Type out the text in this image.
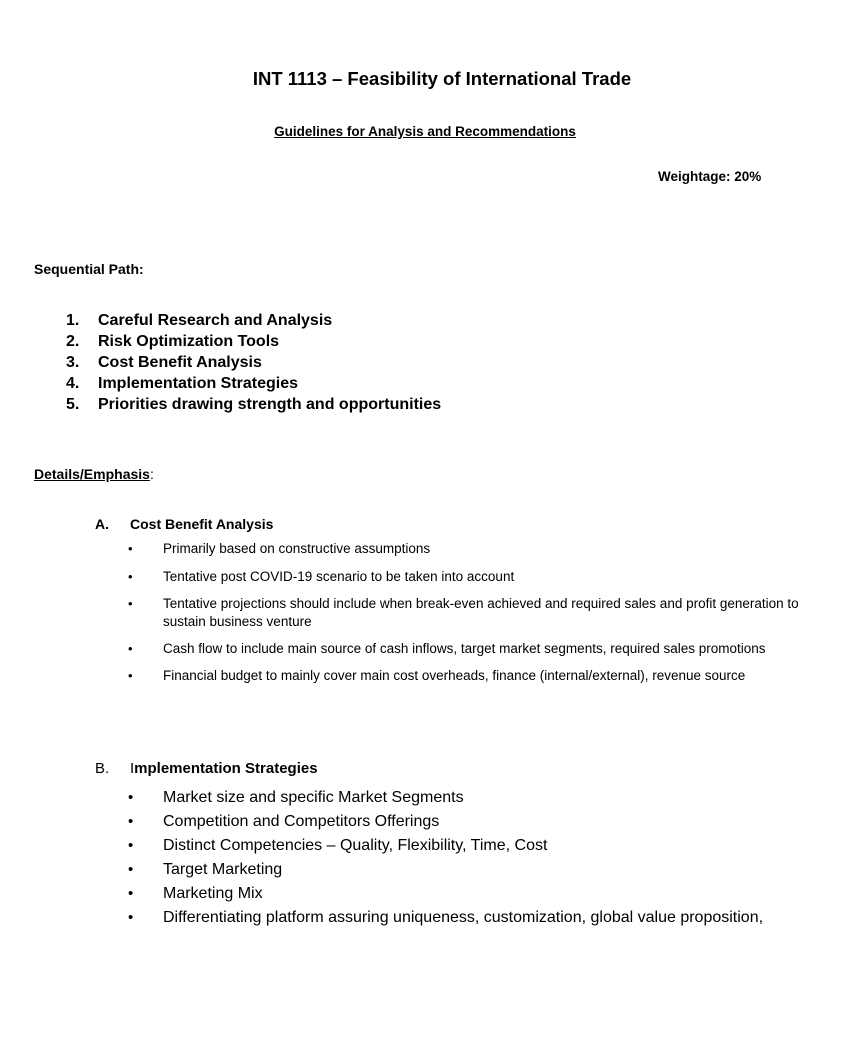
INT 1113 – Feasibility of International Trade
Guidelines for Analysis and Recommendations
Weightage: 20%
Sequential Path:
1. Careful Research and Analysis
2. Risk Optimization Tools
3. Cost Benefit Analysis
4. Implementation Strategies
5. Priorities drawing strength and opportunities
Details/Emphasis:
A. Cost Benefit Analysis
• Primarily based on constructive assumptions
• Tentative post COVID-19 scenario to be taken into account
• Tentative projections should include when break-even achieved and required sales and profit generation to sustain business venture
• Cash flow to include main source of cash inflows, target market segments, required sales promotions
• Financial budget to mainly cover main cost overheads, finance (internal/external), revenue source
B. Implementation Strategies
• Market size and specific Market Segments
• Competition and Competitors Offerings
• Distinct Competencies – Quality, Flexibility, Time, Cost
• Target Marketing
• Marketing Mix
• Differentiating platform assuring uniqueness, customization, global value proposition,
